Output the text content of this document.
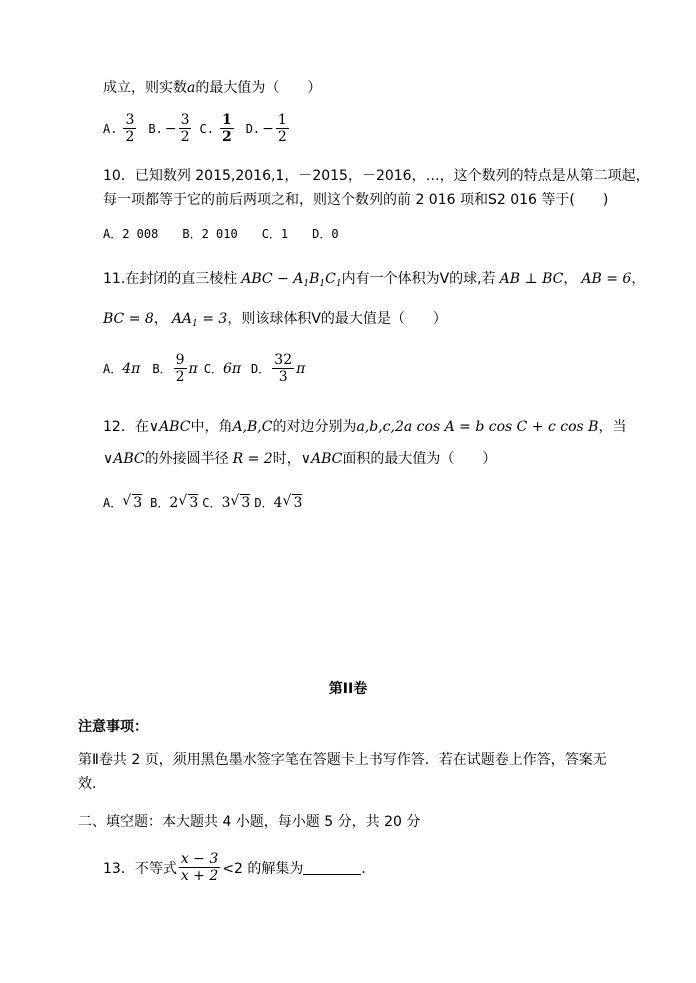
成立，则实数a的最大值为（　　）
A. $\frac{3}{2} B$. − $\frac{3}{2} C$. $\frac{1}{2} D$. − $\frac{1}{2}$
10．已知数列 2015,2016,1，－2015，－2016，…，这个数列的特点是从第二项起，
每一项都等于它的前后两项之和，则这个数列的前 2 016 项和S2 016 等于(　　)
A．2 008　　B．2 010　　C．1　　D．0
11.在封闭的直三棱柱 ABC − $A_1B_1C_1$内有一个体积为V的球,若 AB ⊥ BC， AB = 6，
BC = 8， $AA_1 = 3$，则该球体积V的最大值是（　　）
A． 4π B． $\frac{9}{2}$ π C． 6π D． $\frac{32}{3}$ π
12．在∨ABC中，角A,B,C的对边分别为a,b,c,2a cos A = b cos C + c cos B，当
∨ABC的外接圆半径 R = 2时，∨ABC面积的最大值为（　　）
A． √ 3 B． 2 √ 3 C． 3 √ 3 D． 4 √ 3
第II卷
注意事项：
第Ⅱ卷共 2 页，须用黑色墨水签字笔在答题卡上书写作答．若在试题卷上作答，答案无
效．
二、填空题：本大题共 4 小题，每小题 5 分，共 20 分
13．不等式 $\frac{x - 3}{x + 2} <2$ 的解集为	．
